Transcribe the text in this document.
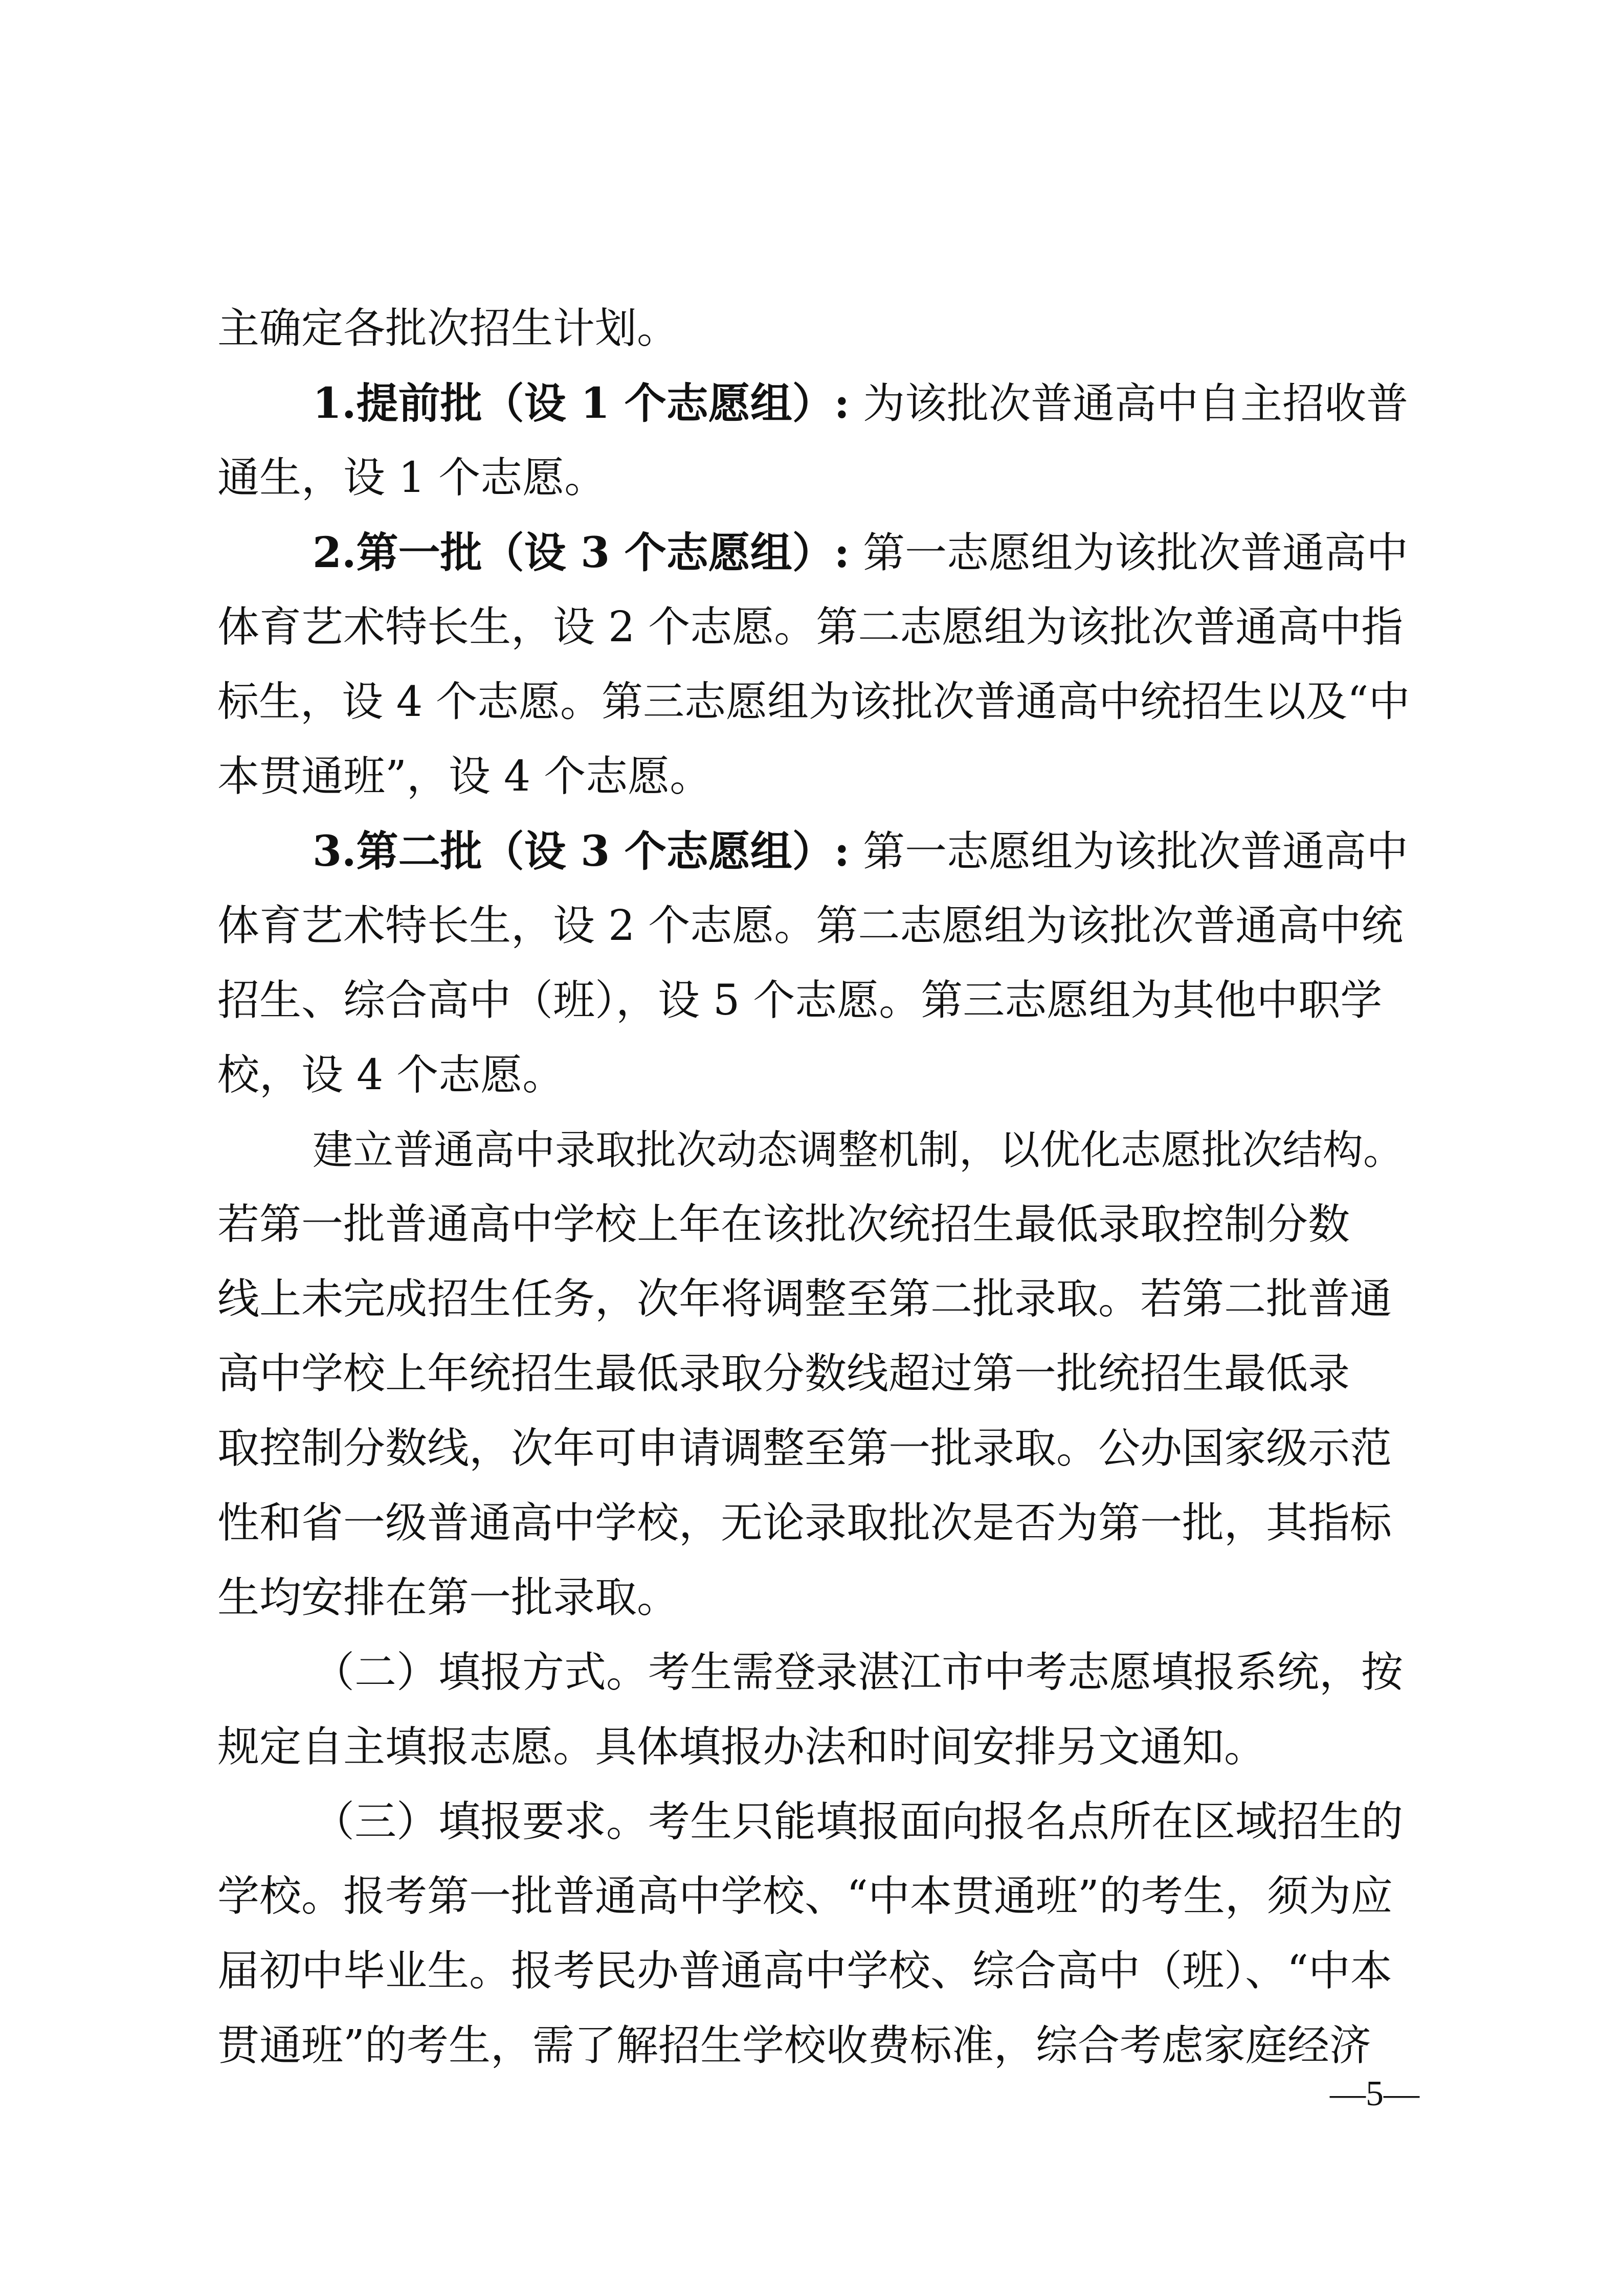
主确定各批次招生计划。
1.提前批（设 1 个志愿组）: 为该批次普通高中自主招收普
通生，设 1 个志愿。
2.第一批（设 3 个志愿组）: 第一志愿组为该批次普通高中
体育艺术特长生，设 2 个志愿。第二志愿组为该批次普通高中指
标生，设 4 个志愿。第三志愿组为该批次普通高中统招生以及“中
本贯通班”，设 4 个志愿。
3.第二批（设 3 个志愿组）: 第一志愿组为该批次普通高中
体育艺术特长生，设 2 个志愿。第二志愿组为该批次普通高中统
招生、综合高中（班），设 5 个志愿。第三志愿组为其他中职学
校，设 4 个志愿。
建立普通高中录取批次动态调整机制，以优化志愿批次结构。
若第一批普通高中学校上年在该批次统招生最低录取控制分数
线上未完成招生任务，次年将调整至第二批录取。若第二批普通
高中学校上年统招生最低录取分数线超过第一批统招生最低录
取控制分数线，次年可申请调整至第一批录取。公办国家级示范
性和省一级普通高中学校，无论录取批次是否为第一批，其指标
生均安排在第一批录取。
（二）填报方式。考生需登录湛江市中考志愿填报系统，按
规定自主填报志愿。具体填报办法和时间安排另文通知。
（三）填报要求。考生只能填报面向报名点所在区域招生的
学校。报考第一批普通高中学校、“中本贯通班”的考生，须为应
届初中毕业生。报考民办普通高中学校、综合高中（班）、“中本
贯通班”的考生，需了解招生学校收费标准，综合考虑家庭经济
—5—
